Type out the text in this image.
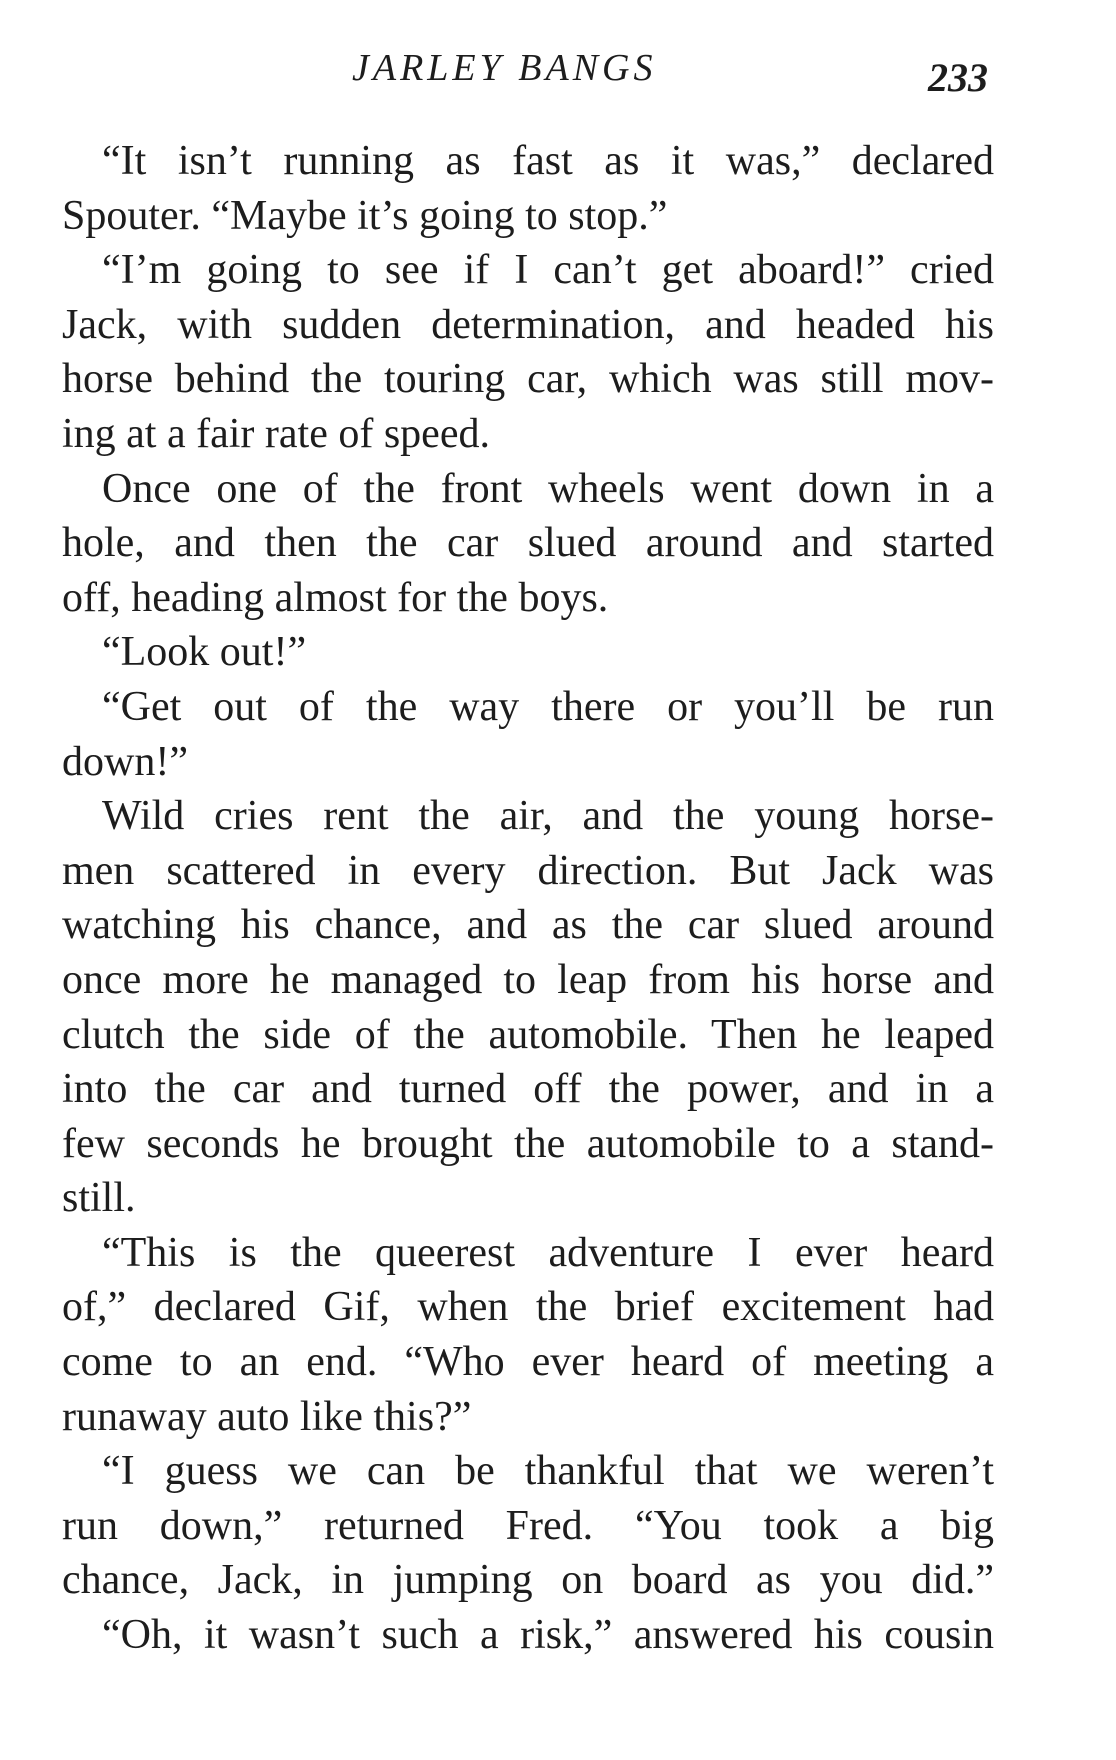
JARLEY BANGS	233
“It isn’t running as fast as it was,” declared
Spouter. “Maybe it’s going to stop.”
“I’m going to see if I can’t get aboard!” cried
Jack, with sudden determination, and headed his
horse behind the touring car, which was still mov-
ing at a fair rate of speed.
Once one of the front wheels went down in a
hole, and then the car slued around and started
off, heading almost for the boys.
“Look out!”
“Get out of the way there or you’ll be run
down!”
Wild cries rent the air, and the young horse-
men scattered in every direction. But Jack was
watching his chance, and as the car slued around
once more he managed to leap from his horse and
clutch the side of the automobile. Then he leaped
into the car and turned off the power, and in a
few seconds he brought the automobile to a stand-
still.
“This is the queerest adventure I ever heard
of,” declared Gif, when the brief excitement had
come to an end. “Who ever heard of meeting a
runaway auto like this?”
“I guess we can be thankful that we weren’t
run down,” returned Fred. “You took a big
chance, Jack, in jumping on board as you did.”
“Oh, it wasn’t such a risk,” answered his cousin
